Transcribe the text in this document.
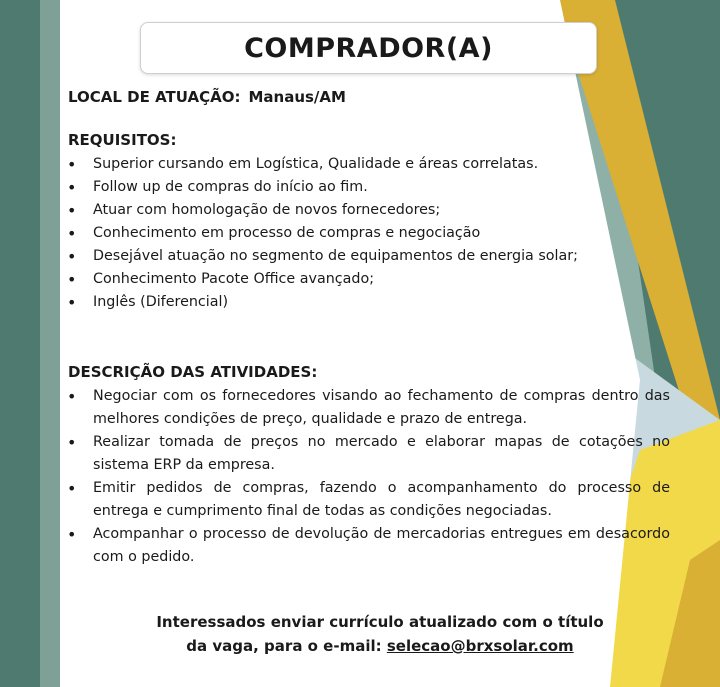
COMPRADOR(A)
LOCAL DE ATUAÇÃO: Manaus/AM
REQUISITOS:
• Superior cursando em Logística, Qualidade e áreas correlatas.
• Follow up de compras do início ao fim.
• Atuar com homologação de novos fornecedores;
• Conhecimento em processo de compras e negociação
• Desejável atuação no segmento de equipamentos de energia solar;
• Conhecimento Pacote Office avançado;
• Inglês (Diferencial)
DESCRIÇÃO DAS ATIVIDADES:
• Negociar com os fornecedores visando ao fechamento de compras dentro das melhores condições de preço, qualidade e prazo de entrega.
• Realizar tomada de preços no mercado e elaborar mapas de cotações no sistema ERP da empresa.
• Emitir pedidos de compras, fazendo o acompanhamento do processo de entrega e cumprimento final de todas as condições negociadas.
• Acompanhar o processo de devolução de mercadorias entregues em desacordo com o pedido.
Interessados enviar currículo atualizado com o título
da vaga, para o e-mail: selecao@brxsolar.com
